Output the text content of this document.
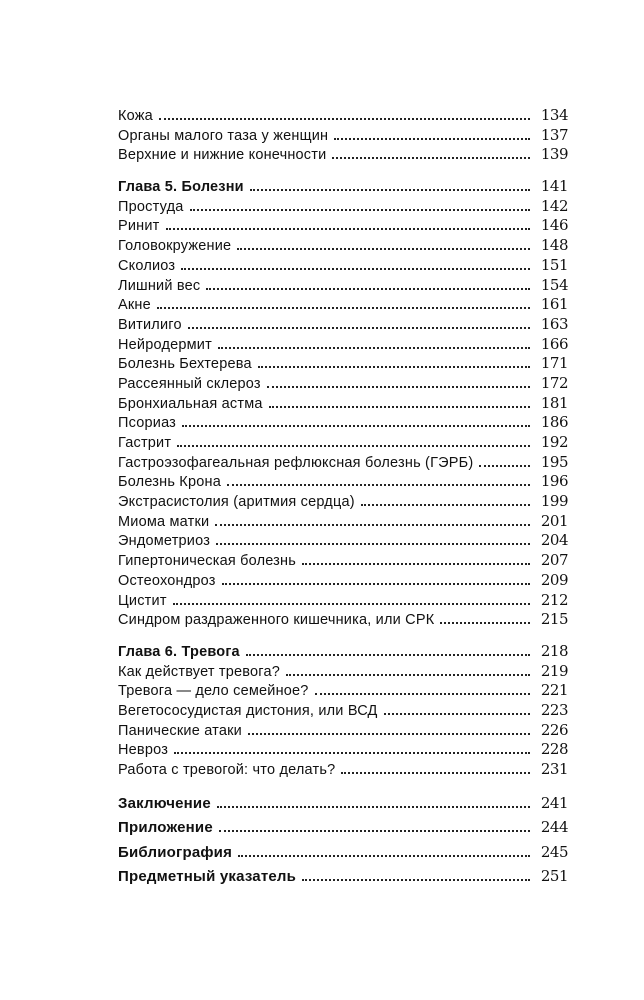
Кожа	134
Органы малого таза у женщин	137
Верхние и нижние конечности	139
Глава 5. Болезни	141
Простуда	142
Ринит	146
Головокружение	148
Сколиоз	151
Лишний вес	154
Акне	161
Витилиго	163
Нейродермит	166
Болезнь Бехтерева	171
Рассеянный склероз	172
Бронхиальная астма	181
Псориаз	186
Гастрит	192
Гастроэзофагеальная рефлюксная болезнь (ГЭРБ)	195
Болезнь Крона	196
Экстрасистолия (аритмия сердца)	199
Миома матки	201
Эндометриоз	204
Гипертоническая болезнь	207
Остеохондроз	209
Цистит	212
Синдром раздраженного кишечника, или СРК	215
Глава 6. Тревога	218
Как действует тревога?	219
Тревога — дело семейное?	221
Вегетососудистая дистония, или ВСД	223
Панические атаки	226
Невроз	228
Работа с тревогой: что делать?	231
Заключение	241
Приложение	244
Библиография	245
Предметный указатель	251
